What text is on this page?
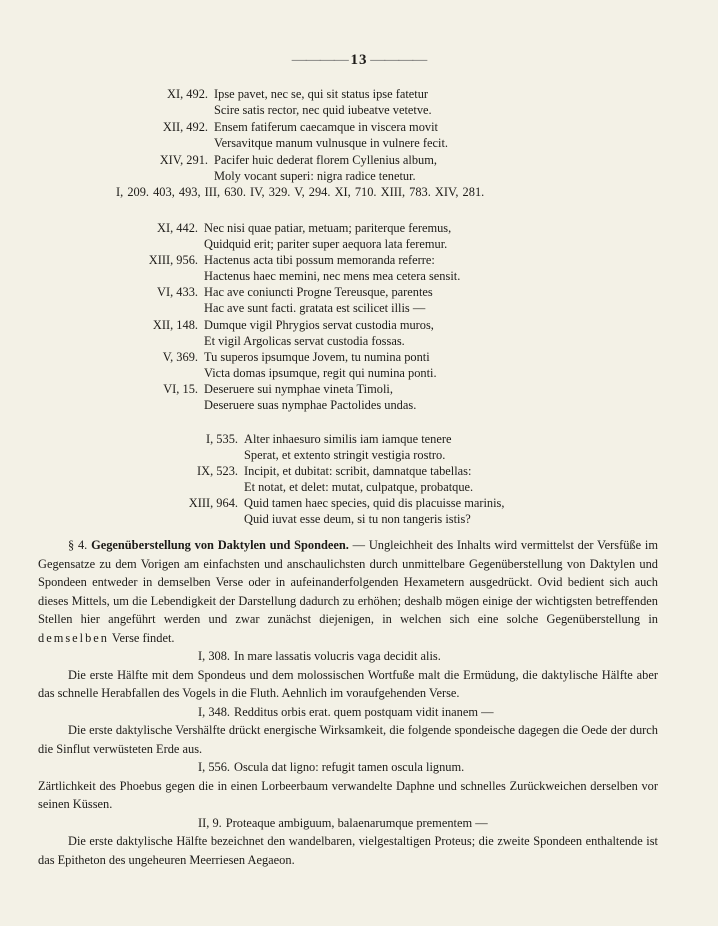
———— 13 ————
XI, 492. Ipse pavet, nec se, qui sit status ipse fatetur
Scire satis rector, nec quid iubeatve vetetve.
XII, 492. Ensem fatiferum caecamque in viscera movit
Versavitque manum vulnusque in vulnere fecit.
XIV, 291. Pacifer huic dederat florem Cyllenius album,
Moly vocant superi: nigra radice tenetur.
I, 209. 403, 493, III, 630. IV, 329. V, 294. XI, 710. XIII, 783. XIV, 281.
XI, 442. Nec nisi quae patiar, metuam; pariterque feremus,
Quidquid erit; pariter super aequora lata feremur.
XIII, 956. Hactenus acta tibi possum memoranda referre:
Hactenus haec memini, nec mens mea cetera sensit.
VI, 433. Hac ave coniuncti Progne Tereusque, parentes
Hac ave sunt facti. gratata est scilicet illis —
XII, 148. Dumque vigil Phrygios servat custodia muros,
Et vigil Argolicas servat custodia fossas.
V, 369. Tu superos ipsumque Jovem, tu numina ponti
Victa domas ipsumque, regit qui numina ponti.
VI, 15. Deseruere sui nymphae vineta Timoli,
Deseruere suas nymphae Pactolides undas.
I, 535. Alter inhaesuro similis iam iamque tenere
Sperat, et extento stringit vestigia rostro.
IX, 523. Incipit, et dubitat: scribit, damnatque tabellas:
Et notat, et delet: mutat, culpatque, probatque.
XIII, 964. Quid tamen haec species, quid dis placuisse marinis,
Quid iuvat esse deum, si tu non tangeris istis?

§ 4. Gegenüberstellung von Daktylen und Spondeen. — Ungleichheit des Inhalts wird vermittelst der Versfüße im Gegensatze zu dem Vorigen am einfachsten und anschaulichsten durch unmittelbare Gegenüberstellung von Daktylen und Spondeen entweder in demselben Verse oder in aufeinanderfolgenden Hexametern ausgedrückt. Ovid bedient sich auch dieses Mittels, um die Lebendigkeit der Darstellung dadurch zu erhöhen; deshalb mögen einige der wichtigsten betreffenden Stellen hier angeführt werden und zwar zunächst diejenigen, in welchen sich eine solche Gegenüberstellung in demselben Verse findet.

I, 308. In mare lassatis volucris vaga decidit alis.

Die erste Hälfte mit dem Spondeus und dem molossischen Wortfuße malt die Ermüdung, die daktylische Hälfte aber das schnelle Herabfallen des Vogels in die Fluth. Aehnlich im voraufgehenden Verse.

I, 348. Redditus orbis erat. quem postquam vidit inanem —

Die erste daktylische Vershälfte drückt energische Wirksamkeit, die folgende spondeische dagegen die Oede der durch die Sinflut verwüsteten Erde aus.

I, 556. Oscula dat ligno: refugit tamen oscula lignum.

Zärtlichkeit des Phoebus gegen die in einen Lorbeerbaum verwandelte Daphne und schnelles Zurückweichen derselben vor seinen Küssen.

II, 9. Proteaque ambiguum, balaenarumque prementem —

Die erste daktylische Hälfte bezeichnet den wandelbaren, vielgestaltigen Proteus; die zweite Spondeen enthaltende ist das Epitheton des ungeheuren Meerriesen Aegaeon.
